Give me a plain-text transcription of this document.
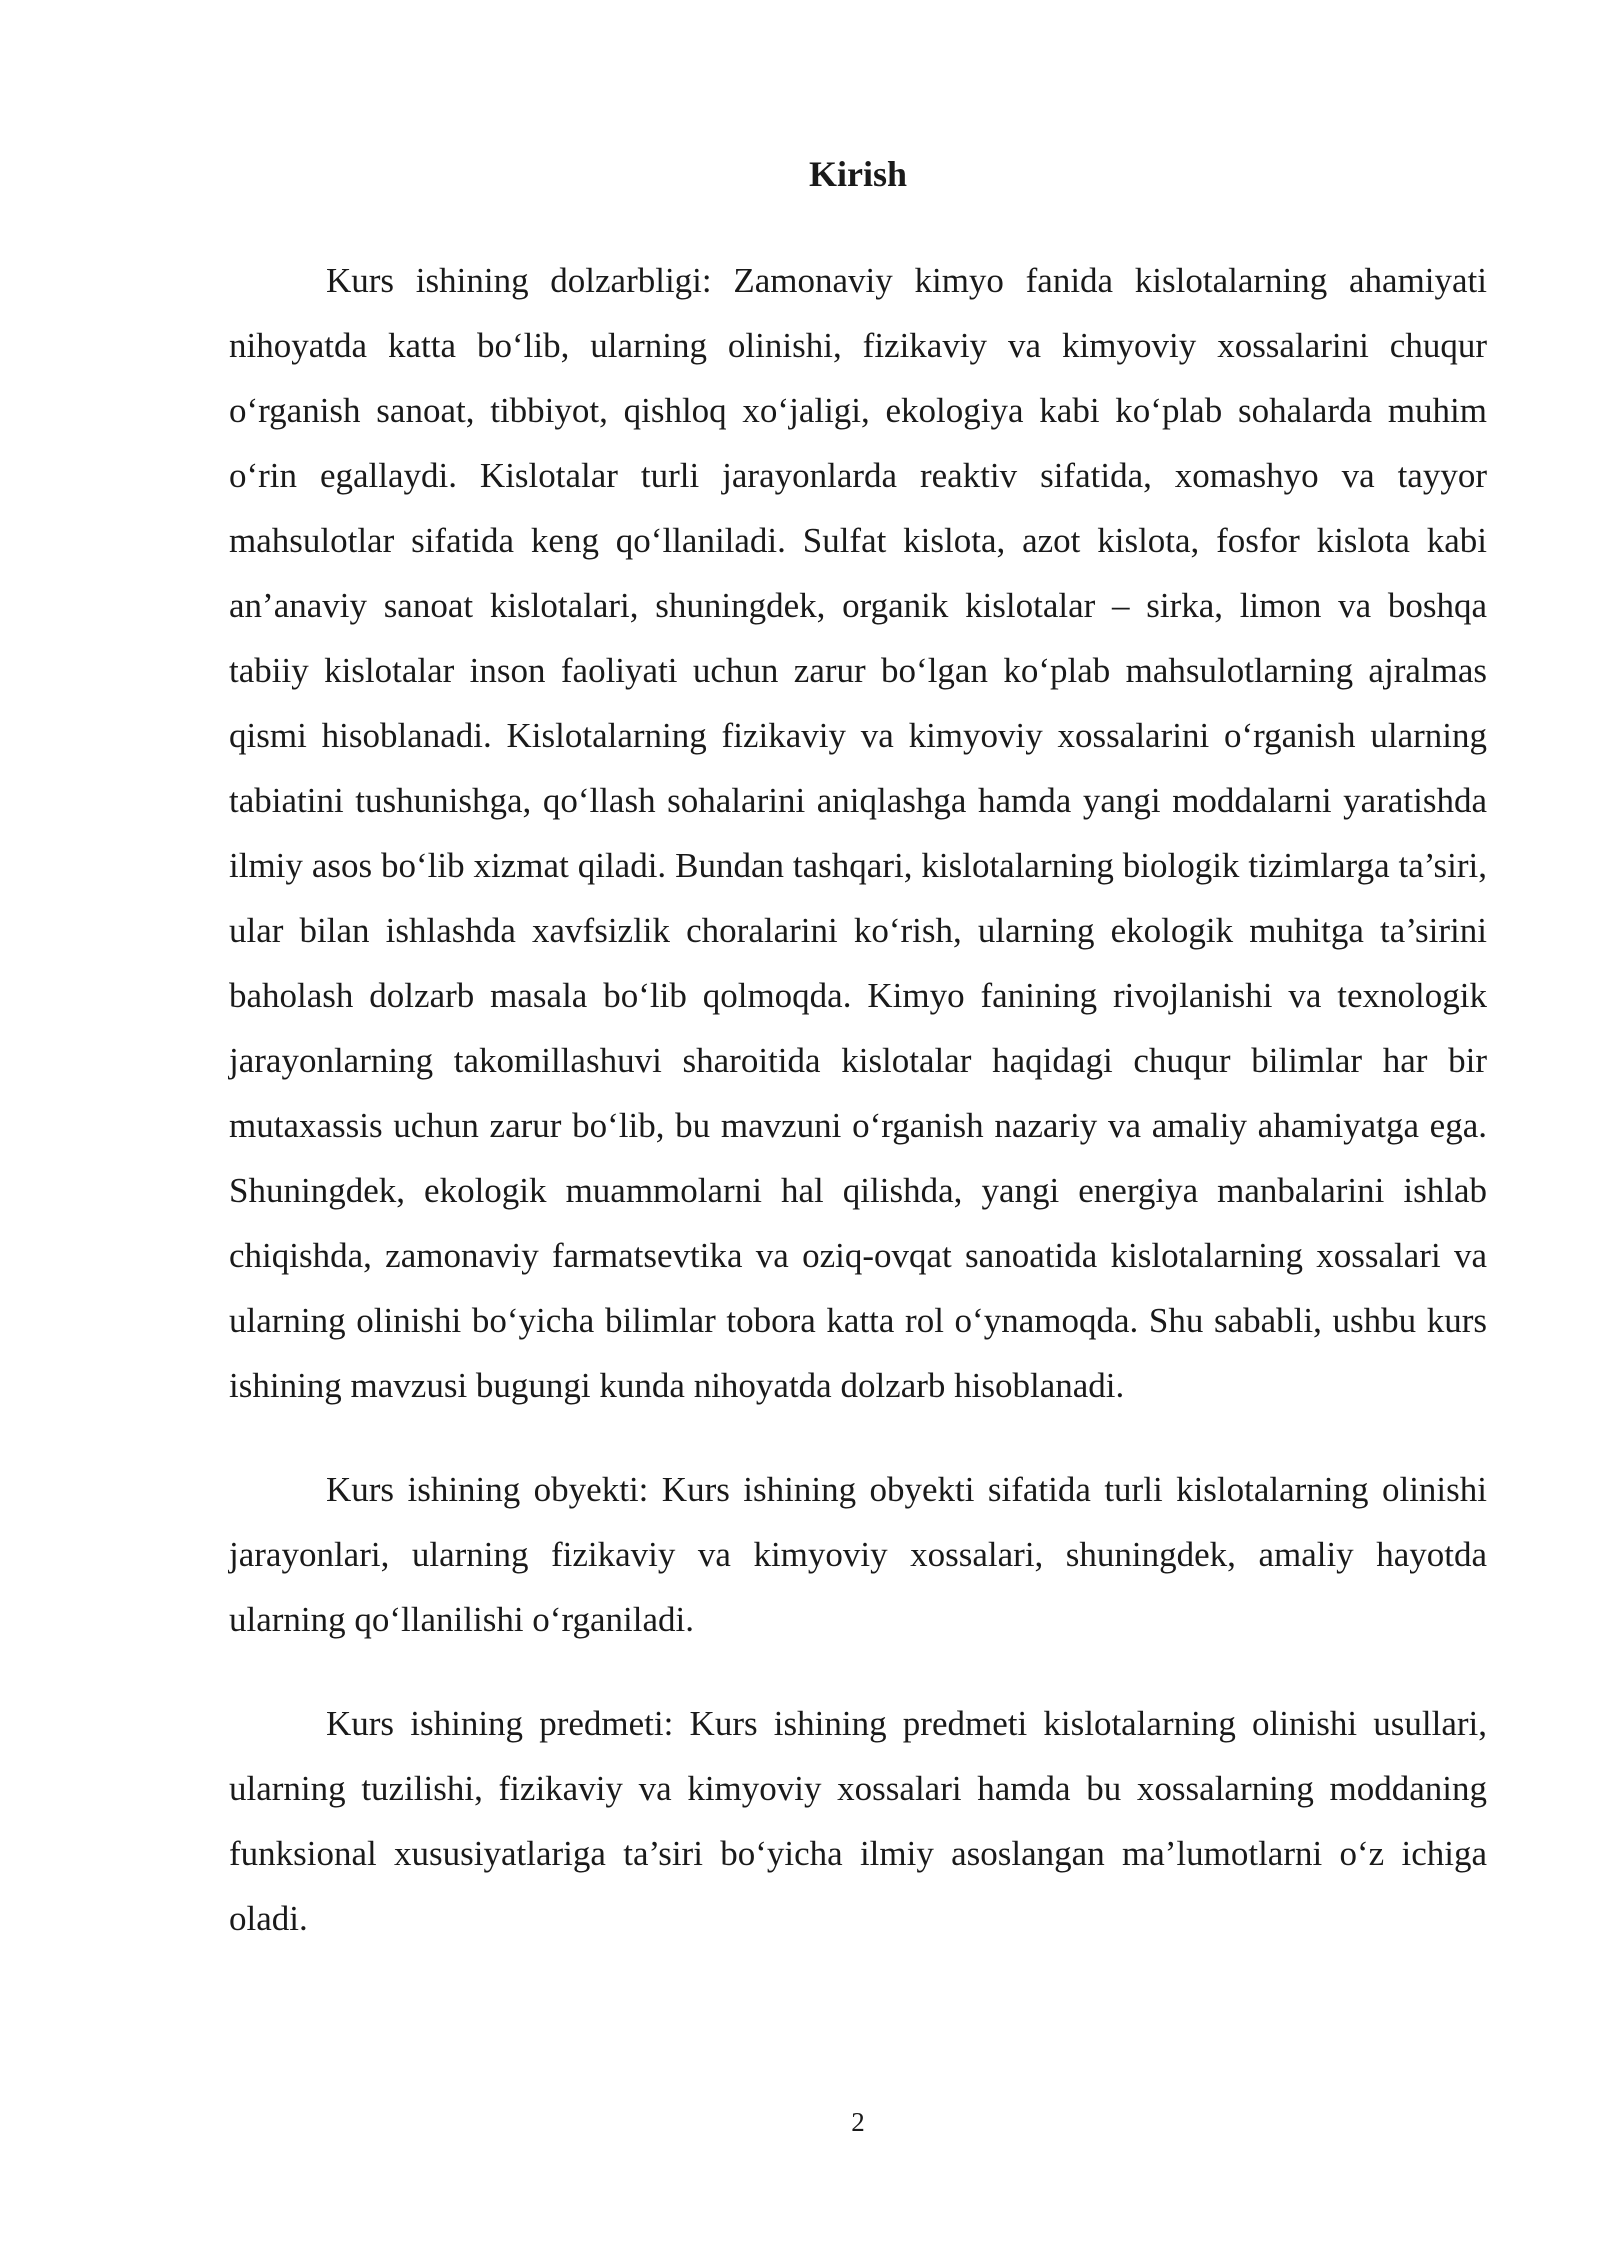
Kirish

Kurs ishining dolzarbligi: Zamonaviy kimyo fanida kislotalarning ahamiyati nihoyatda katta bo‘lib, ularning olinishi, fizikaviy va kimyoviy xossalarini chuqur o‘rganish sanoat, tibbiyot, qishloq xo‘jaligi, ekologiya kabi ko‘plab sohalarda muhim o‘rin egallaydi. Kislotalar turli jarayonlarda reaktiv sifatida, xomashyo va tayyor mahsulotlar sifatida keng qo‘llaniladi. Sulfat kislota, azot kislota, fosfor kislota kabi an’anaviy sanoat kislotalari, shuningdek, organik kislotalar – sirka, limon va boshqa tabiiy kislotalar inson faoliyati uchun zarur bo‘lgan ko‘plab mahsulotlarning ajralmas qismi hisoblanadi. Kislotalarning fizikaviy va kimyoviy xossalarini o‘rganish ularning tabiatini tushunishga, qo‘llash sohalarini aniqlashga hamda yangi moddalarni yaratishda ilmiy asos bo‘lib xizmat qiladi. Bundan tashqari, kislotalarning biologik tizimlarga ta’siri, ular bilan ishlashda xavfsizlik choralarini ko‘rish, ularning ekologik muhitga ta’sirini baholash dolzarb masala bo‘lib qolmoqda. Kimyo fanining rivojlanishi va texnologik jarayonlarning takomillashuvi sharoitida kislotalar haqidagi chuqur bilimlar har bir mutaxassis uchun zarur bo‘lib, bu mavzuni o‘rganish nazariy va amaliy ahamiyatga ega. Shuningdek, ekologik muammolarni hal qilishda, yangi energiya manbalarini ishlab chiqishda, zamonaviy farmatsevtika va oziq-ovqat sanoatida kislotalarning xossalari va ularning olinishi bo‘yicha bilimlar tobora katta rol o‘ynamoqda. Shu sababli, ushbu kurs ishining mavzusi bugungi kunda nihoyatda dolzarb hisoblanadi.

Kurs ishining obyekti: Kurs ishining obyekti sifatida turli kislotalarning olinishi jarayonlari, ularning fizikaviy va kimyoviy xossalari, shuningdek, amaliy hayotda ularning qo‘llanilishi o‘rganiladi.

Kurs ishining predmeti: Kurs ishining predmeti kislotalarning olinishi usullari, ularning tuzilishi, fizikaviy va kimyoviy xossalari hamda bu xossalarning moddaning funksional xususiyatlariga ta’siri bo‘yicha ilmiy asoslangan ma’lumotlarni o‘z ichiga oladi.

2
